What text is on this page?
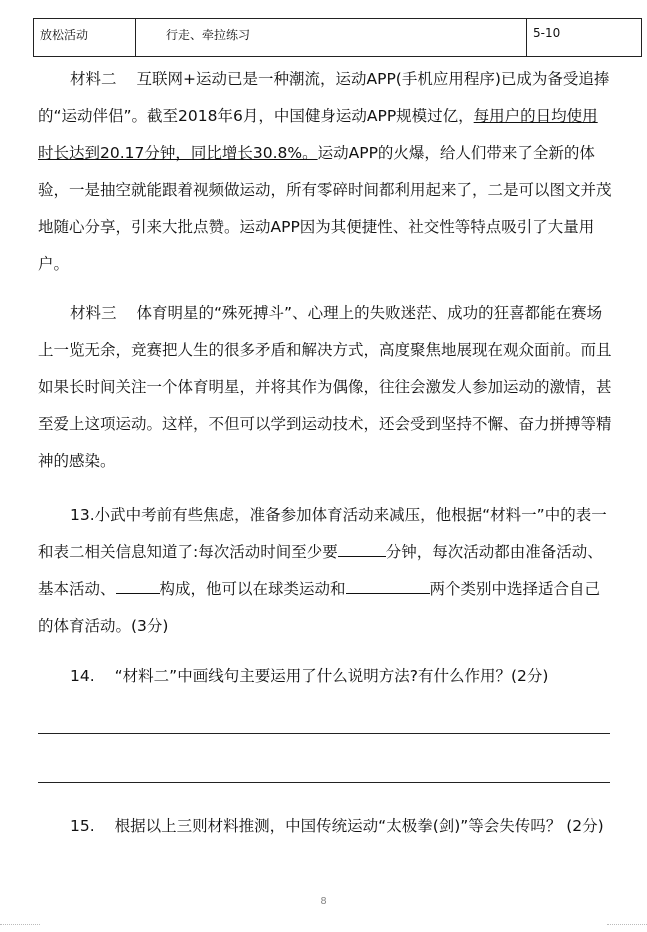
放松活动	行走、牵拉练习	5-10
材料二 互联网+运动已是一种潮流，运动APP(手机应用程序)已成为备受追捧的“运动伴侣”。截至2018年6月，中国健身运动APP规模过亿，每用户的日均使用时长达到20.17分钟，同比增长30.8%。运动APP的火爆，给人们带来了全新的体验，一是抽空就能跟着视频做运动，所有零碎时间都利用起来了，二是可以图文并茂地随心分享，引来大批点赞。运动APP因为其便捷性、社交性等特点吸引了大量用户。
材料三 体育明星的“殊死搏斗”、心理上的失败迷茫、成功的狂喜都能在赛场上一览无余，竞赛把人生的很多矛盾和解决方式，高度聚焦地展现在观众面前。而且如果长时间关注一个体育明星，并将其作为偶像，往往会激发人参加运动的激情，甚至爱上这项运动。这样，不但可以学到运动技术，还会受到坚持不懈、奋力拼搏等精神的感染。
13.小武中考前有些焦虑，准备参加体育活动来减压，他根据“材料一”中的表一和表二相关信息知道了:每次活动时间至少要	分钟，每次活动都由准备活动、基本活动、	构成，他可以在球类运动和	两个类别中选择适合自己的体育活动。(3分)
14. “材料二”中画线句主要运用了什么说明方法?有什么作用？(2分)
15. 根据以上三则材料推测，中国传统运动“太极拳(剑)”等会失传吗？ (2分)
8
